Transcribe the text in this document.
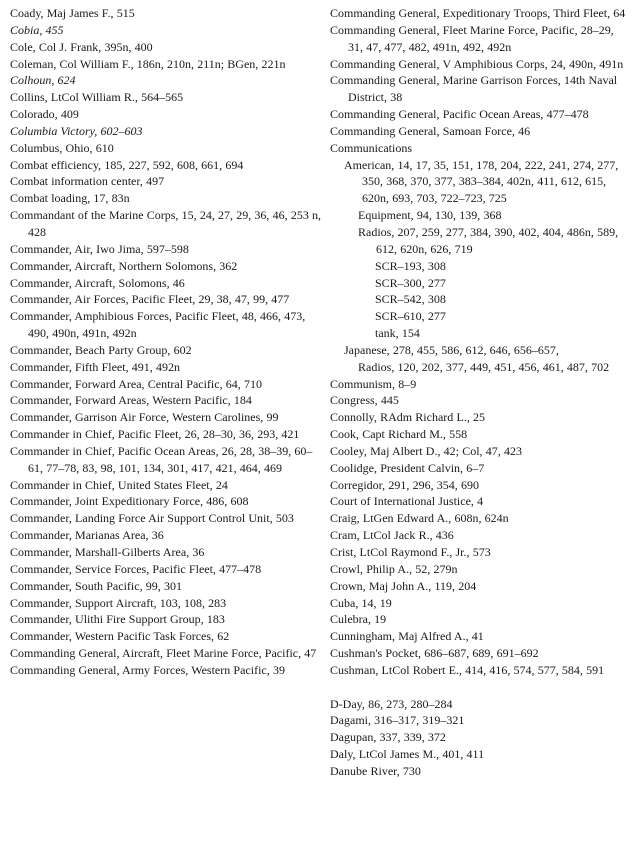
Coady, Maj James F., 515
Cobia, 455
Cole, Col J. Frank, 395n, 400
Coleman, Col William F., 186n, 210n, 211n; BGen, 221n
Colhoun, 624
Collins, LtCol William R., 564–565
Colorado, 409
Columbia Victory, 602–603
Columbus, Ohio, 610
Combat efficiency, 185, 227, 592, 608, 661, 694
Combat information center, 497
Combat loading, 17, 83n
Commandant of the Marine Corps, 15, 24, 27, 29, 36, 46, 253 n, 428
Commander, Air, Iwo Jima, 597–598
Commander, Aircraft, Northern Solomons, 362
Commander, Aircraft, Solomons, 46
Commander, Air Forces, Pacific Fleet, 29, 38, 47, 99, 477
Commander, Amphibious Forces, Pacific Fleet, 48, 466, 473, 490, 490n, 491n, 492n
Commander, Beach Party Group, 602
Commander, Fifth Fleet, 491, 492n
Commander, Forward Area, Central Pacific, 64, 710
Commander, Forward Areas, Western Pacific, 184
Commander, Garrison Air Force, Western Carolines, 99
Commander in Chief, Pacific Fleet, 26, 28–30, 36, 293, 421
Commander in Chief, Pacific Ocean Areas, 26, 28, 38–39, 60–61, 77–78, 83, 98, 101, 134, 301, 417, 421, 464, 469
Commander in Chief, United States Fleet, 24
Commander, Joint Expeditionary Force, 486, 608
Commander, Landing Force Air Support Control Unit, 503
Commander, Marianas Area, 36
Commander, Marshall-Gilberts Area, 36
Commander, Service Forces, Pacific Fleet, 477–478
Commander, South Pacific, 99, 301
Commander, Support Aircraft, 103, 108, 283
Commander, Ulithi Fire Support Group, 183
Commander, Western Pacific Task Forces, 62
Commanding General, Aircraft, Fleet Marine Force, Pacific, 47
Commanding General, Army Forces, Western Pacific, 39
Commanding General, Expeditionary Troops, Third Fleet, 64
Commanding General, Fleet Marine Force, Pacific, 28–29, 31, 47, 477, 482, 491n, 492, 492n
Commanding General, V Amphibious Corps, 24, 490n, 491n
Commanding General, Marine Garrison Forces, 14th Naval District, 38
Commanding General, Pacific Ocean Areas, 477–478
Commanding General, Samoan Force, 46
Communications
American, 14, 17, 35, 151, 178, 204, 222, 241, 274, 277, 350, 368, 370, 377, 383–384, 402n, 411, 612, 615, 620n, 693, 703, 722–723, 725
Equipment, 94, 130, 139, 368
Radios, 207, 259, 277, 384, 390, 402, 404, 486n, 589, 612, 620n, 626, 719
SCR–193, 308
SCR–300, 277
SCR–542, 308
SCR–610, 277
tank, 154
Japanese, 278, 455, 586, 612, 646, 656–657,
Radios, 120, 202, 377, 449, 451, 456, 461, 487, 702
Communism, 8–9
Congress, 445
Connolly, RAdm Richard L., 25
Cook, Capt Richard M., 558
Cooley, Maj Albert D., 42; Col, 47, 423
Coolidge, President Calvin, 6–7
Corregidor, 291, 296, 354, 690
Court of International Justice, 4
Craig, LtGen Edward A., 608n, 624n
Cram, LtCol Jack R., 436
Crist, LtCol Raymond F., Jr., 573
Crowl, Philip A., 52, 279n
Crown, Maj John A., 119, 204
Cuba, 14, 19
Culebra, 19
Cunningham, Maj Alfred A., 41
Cushman's Pocket, 686–687, 689, 691–692
Cushman, LtCol Robert E., 414, 416, 574, 577, 584, 591
D-Day, 86, 273, 280–284
Dagami, 316–317, 319–321
Dagupan, 337, 339, 372
Daly, LtCol James M., 401, 411
Danube River, 730
